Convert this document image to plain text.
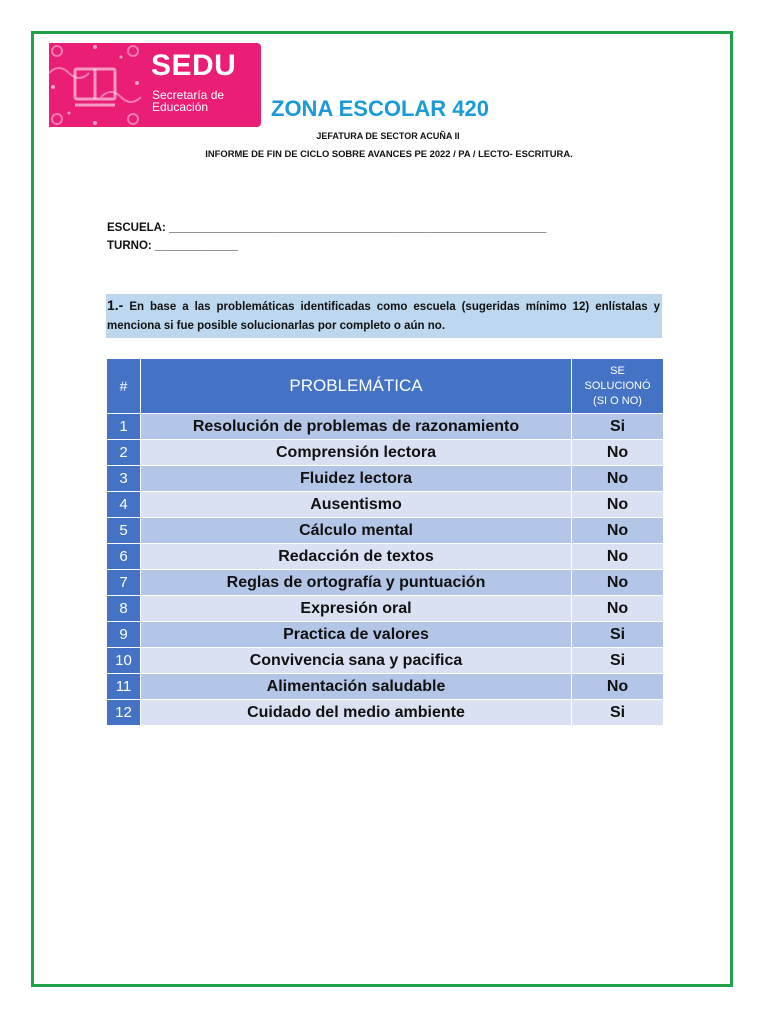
SEDU
Secretaría de
Educación	ZONA ESCOLAR 420
JEFATURA DE SECTOR ACUÑA II
INFORME DE FIN DE CICLO SOBRE AVANCES PE 2022 / PA / LECTO- ESCRITURA.
ESCUELA: ___________________________________________________________
TURNO: _____________
1.- En base a las problemáticas identificadas como escuela (sugeridas mínimo 12) enlístalas y menciona si fue posible solucionarlas por completo o aún no.
#	PROBLEMÁTICA	SE
SOLUCIONÓ
(SI O NO)

1	Resolución de problemas de razonamiento	Si
2	Comprensión lectora	No
3	Fluidez lectora	No
4	Ausentismo	No
5	Cálculo mental	No
6	Redacción de textos	No
7	Reglas de ortografía y puntuación	No
8	Expresión oral	No
9	Practica de valores	Si
10	Convivencia sana y pacifica	Si
11	Alimentación saludable	No
12	Cuidado del medio ambiente	Si
